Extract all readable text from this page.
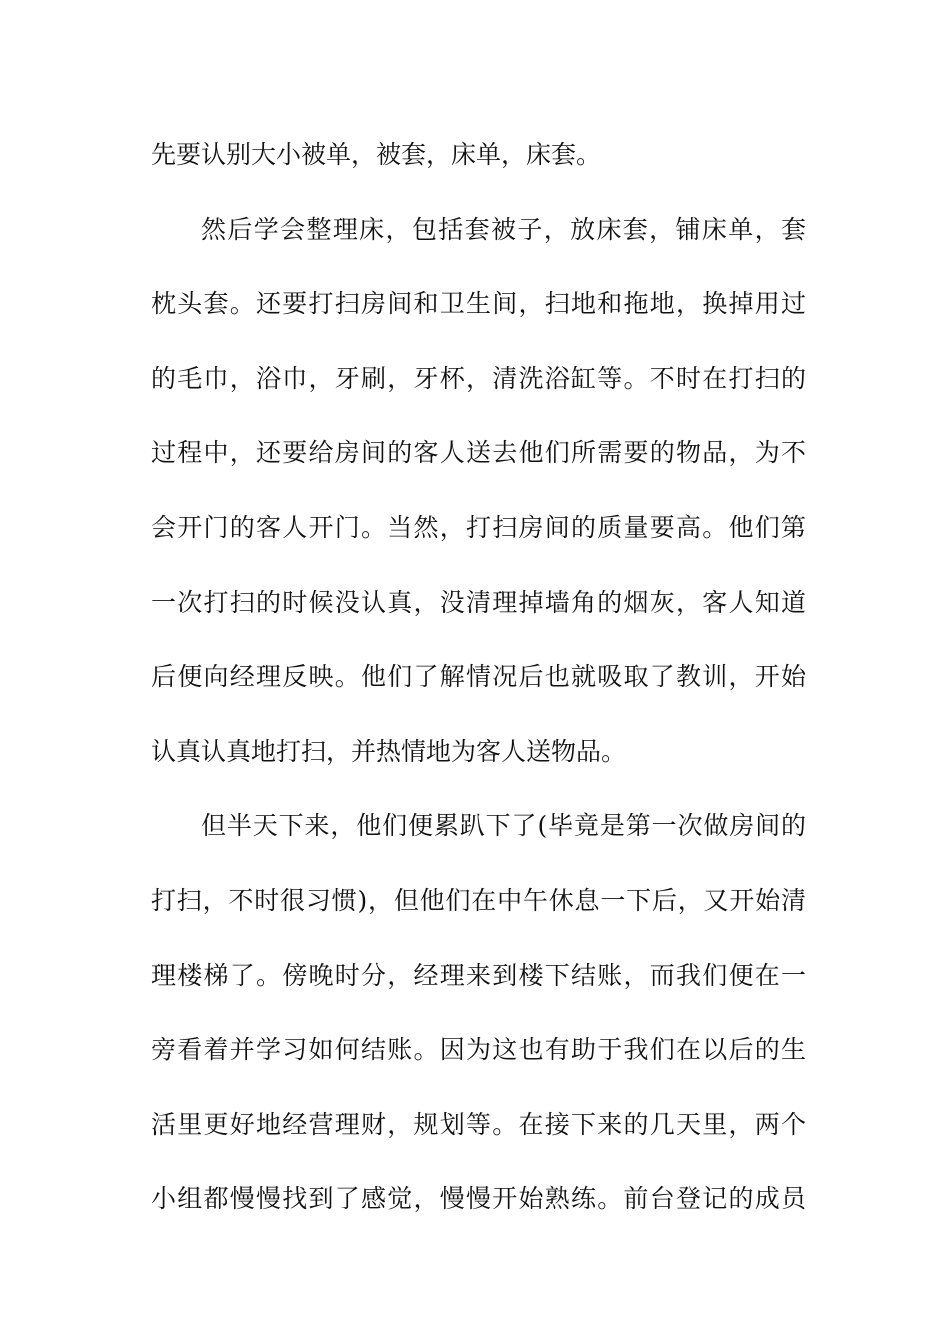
先要认别大小被单，被套，床单，床套。
然后学会整理床，包括套被子，放床套，铺床单，套
枕头套。还要打扫房间和卫生间，扫地和拖地，换掉用过
的毛巾，浴巾，牙刷，牙杯，清洗浴缸等。不时在打扫的
过程中，还要给房间的客人送去他们所需要的物品，为不
会开门的客人开门。当然，打扫房间的质量要高。他们第
一次打扫的时候没认真，没清理掉墙角的烟灰，客人知道
后便向经理反映。他们了解情况后也就吸取了教训，开始
认真认真地打扫，并热情地为客人送物品。
但半天下来，他们便累趴下了(毕竟是第一次做房间的
打扫，不时很习惯)，但他们在中午休息一下后，又开始清
理楼梯了。傍晚时分，经理来到楼下结账，而我们便在一
旁看着并学习如何结账。因为这也有助于我们在以后的生
活里更好地经营理财，规划等。在接下来的几天里，两个
小组都慢慢找到了感觉，慢慢开始熟练。前台登记的成员
